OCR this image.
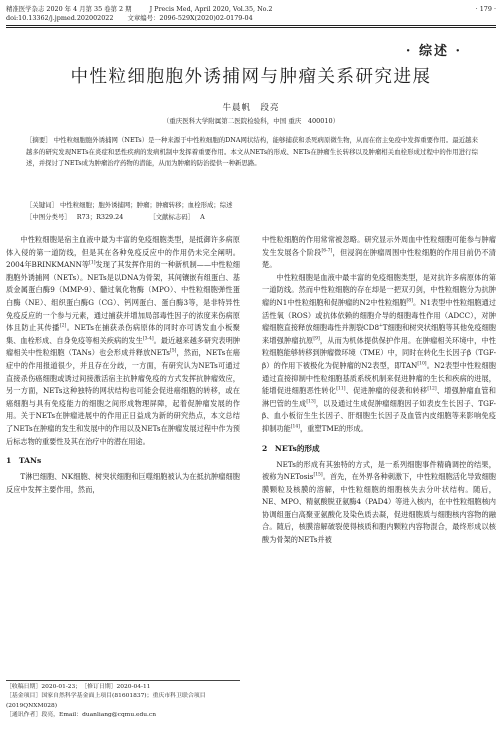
精准医学杂志 2020 年 4 月第 35 卷第 2 期	J Precis Med, April 2020, Vol.35, No.2	· 179 ·
doi:10.13362/j.jpmed.202002022 文章编号：2096-529X(2020)02-0179-04
· 综述 ·
中性粒细胞胞外诱捕网与肿瘤关系研究进展
牛晨帆　段亮
（重庆医科大学附属第二医院检验科，中国 重庆　400010）
［摘要］ 中性粒细胞胞外诱捕网（NETs）是一种来源于中性粒细胞的DNA网状结构，能够捕获和杀死病原微生物，从而在宿主免疫中发挥重要作用。最近越来越多的研究发现NETs在炎症和恶性疾病的发病机制中发挥着重要作用。本文从NETs的形成、NETs在肿瘤生长转移以及肿瘤相关血栓形成过程中的作用进行综述，并探讨了NETs成为肿瘤治疗药物的潜能，从而为肿瘤的防治提供一种新思路。
［关键词］ 中性粒细胞；胞外诱捕网；肿瘤；肿瘤转移；血栓形成；综述
［中图分类号］ R73；R329.24	［文献标志码］ A

中性粒细胞是宿主血液中最为丰富的免疫细胞类型，是抵御许多病原体入侵的第一道防线，但是其在各种免疫反应中的作用仍未完全阐明。2004年BRINKMANN等[1]发现了其发挥作用的一种新机制——中性粒细胞胞外诱捕网（NETs）。NETs是以DNA为骨架，其间镶嵌有组蛋白、基质金属蛋白酶9（MMP-9）、髓过氧化物酶（MPO）、中性粒细胞弹性蛋白酶（NE）、组织蛋白酶G（CG）、钙网蛋白、蛋白酶3等，是非特异性免疫反应的一个参与元素，通过捕获并增加局部毒性因子的浓度来伤病原体且防止其传播[2]。NETs在捕获杀伤病原体的同时亦可诱发血小板聚集、血栓形成、自身免疫等相关疾病的发生[3-4]。最近越来越多研究表明肿瘤相关中性粒细胞（TANs）也会形成并释放NETs[5]，然而，NETs在癌症中的作用报道很少，并且存在分歧，一方面，有研究认为NETs可通过直接杀伤癌细胞或诱过间接激活宿主抗肿瘤免疫的方式发挥抗肿瘤效应，另一方面，NETs这种独特的网状结构也可能会促进癌细胞的转移，或在癌细胞与具有免疫能力的细胞之间形成物理屏障，起着促肿瘤发展的作用。关于NETs在肿瘤进展中的作用正日益成为新的研究热点，本文总结了NETs在肿瘤的发生和发展中的作用以及NETs在肿瘤发展过程中作为预后标志物的重要性及其在治疗中的潜在用途。

1　TANs

T淋巴细胞、NK细胞、树突状细胞和巨噬细胞被认为在抵抗肿瘤细胞反应中发挥主要作用，然而，

中性粒细胞的作用常常被忽略。研究显示外周血中性粒细胞可能参与肿瘤发生发展各个阶段[6-7]，但浸润在肿瘤周围中性粒细胞的作用目前仍不清楚。

中性粒细胞是血液中最丰富的免疫细胞类型，是对抗许多病原体的第一道防线。然而中性粒细胞的存在却是一把双刃剑，中性粒细胞分为抗肿瘤的N1中性粒细胞和促肿瘤的N2中性粒细胞[8]。N1表型中性粒细胞通过活性氧（ROS）或抗体依赖的细胞介导的细胞毒性作用（ADCC），对肿瘤细胞直接释放细胞毒性并割裂CD8+T细胞和树突状细胞等其他免疫细胞来增强肿瘤抗原[9]，从而为机体提供保护作用。在肿瘤相关环境中，中性粒细胞能够转移到肿瘤微环境（TME）中，同时在转化生长因子β（TGF-β）的作用下被极化为促肿瘤的N2表型，即TAN[10]。N2表型中性粒细胞通过直接抑制中性粒细胞基质系统机制来促进肿瘤的生长和疾病的进展，能增促进细胞恶性转化[11]、促进肿瘤的侵袭和转移[12]、增强肿瘤血管和淋巴管的生成[13]，以及通过生成促肿瘤细胞因子如表皮生长因子、TGF-β、血小板衍生生长因子、肝细胞生长因子及血管内皮细胞等来影响免疫抑制功能[14]，重塑TME的形成。

2　NETs的形成

NETs的形成有其独特的方式，是一系列细胞事件精确调控的结果，被称为NETosis[15]。首先，在外界各种刺激下，中性粒细胞活化导致细胞膜颗粒及核膜的溶解，中性粒细胞的细胞核失去分叶状结构。随后，NE、MPO、精氨酸脱亚氨酶4（PAD4）等进入核内，在中性粒细胞核内协调组蛋白高聚亚氨酸化及染色质去凝，促进细胞质与细胞核内容物的融合。随后，核膜溶解破裂使得核质和胞内颗粒内容物混合，最终形成以核酸为骨架的NETs并被

［收稿日期］2020-01-23；　［修订日期］2020-04-11
［基金项目］国家自然科学基金面上项目(81601837)；重庆市科卫联合项目(2019QNXM028)
［通讯作者］段亮，Email：duanliang@cqmu.edu.cn
